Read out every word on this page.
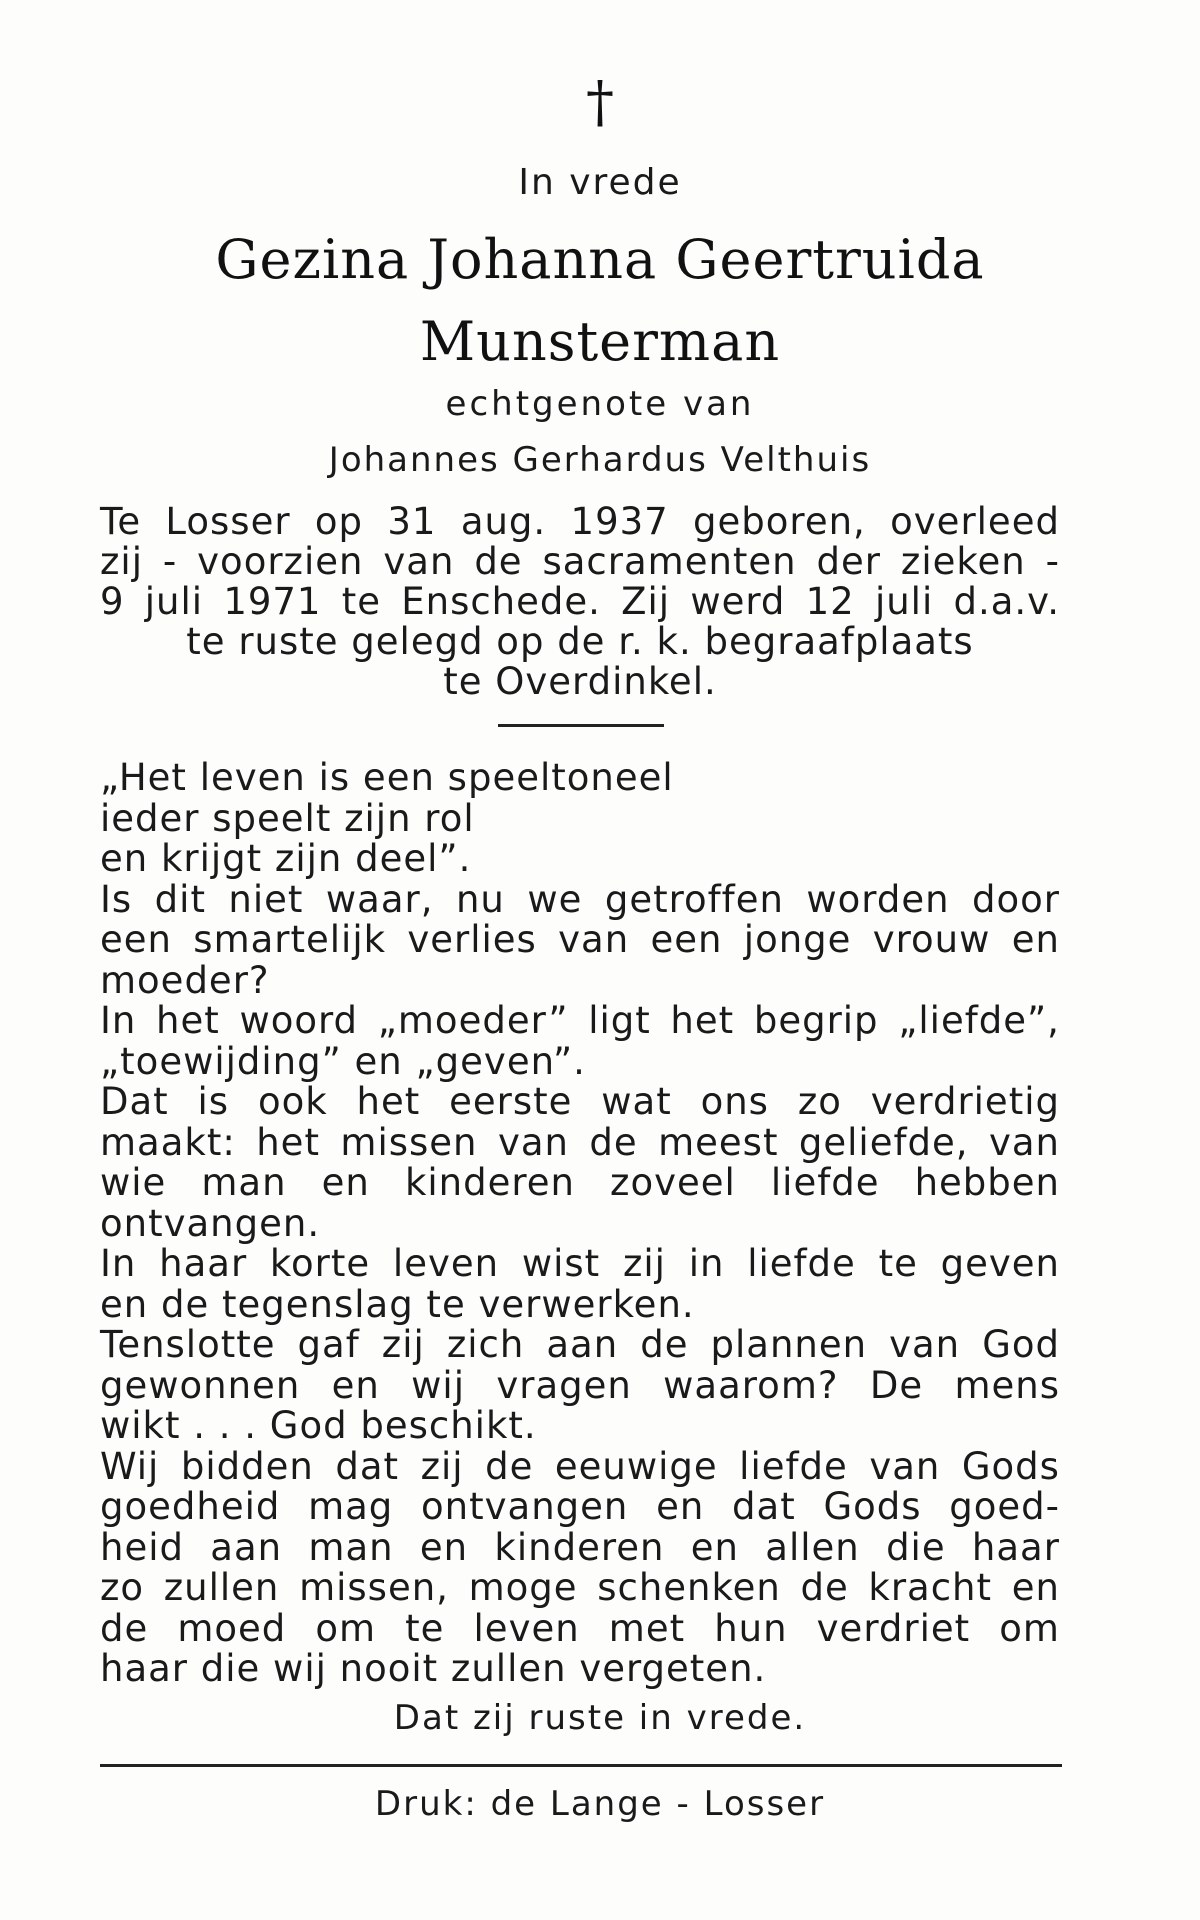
†
In vrede
Gezina Johanna Geertruida
Munsterman
echtgenote van
Johannes Gerhardus Velthuis
Te Losser op 31 aug. 1937 geboren, overleed
zij - voorzien van de sacramenten der zieken -
9 juli 1971 te Enschede. Zij werd 12 juli d.a.v.
te ruste gelegd op de r. k. begraafplaats
te Overdinkel.
„Het leven is een speeltoneel
ieder speelt zijn rol
en krijgt zijn deel”.
Is dit niet waar, nu we getroffen worden door
een smartelijk verlies van een jonge vrouw en
moeder?
In het woord „moeder” ligt het begrip „liefde”,
„toewijding” en „geven”.
Dat is ook het eerste wat ons zo verdrietig
maakt: het missen van de meest geliefde, van
wie man en kinderen zoveel liefde hebben
ontvangen.
In haar korte leven wist zij in liefde te geven
en de tegenslag te verwerken.
Tenslotte gaf zij zich aan de plannen van God
gewonnen en wij vragen waarom? De mens
wikt . . . God beschikt.
Wij bidden dat zij de eeuwige liefde van Gods
goedheid mag ontvangen en dat Gods goed-
heid aan man en kinderen en allen die haar
zo zullen missen, moge schenken de kracht en
de moed om te leven met hun verdriet om
haar die wij nooit zullen vergeten.
Dat zij ruste in vrede.
Druk: de Lange - Losser
